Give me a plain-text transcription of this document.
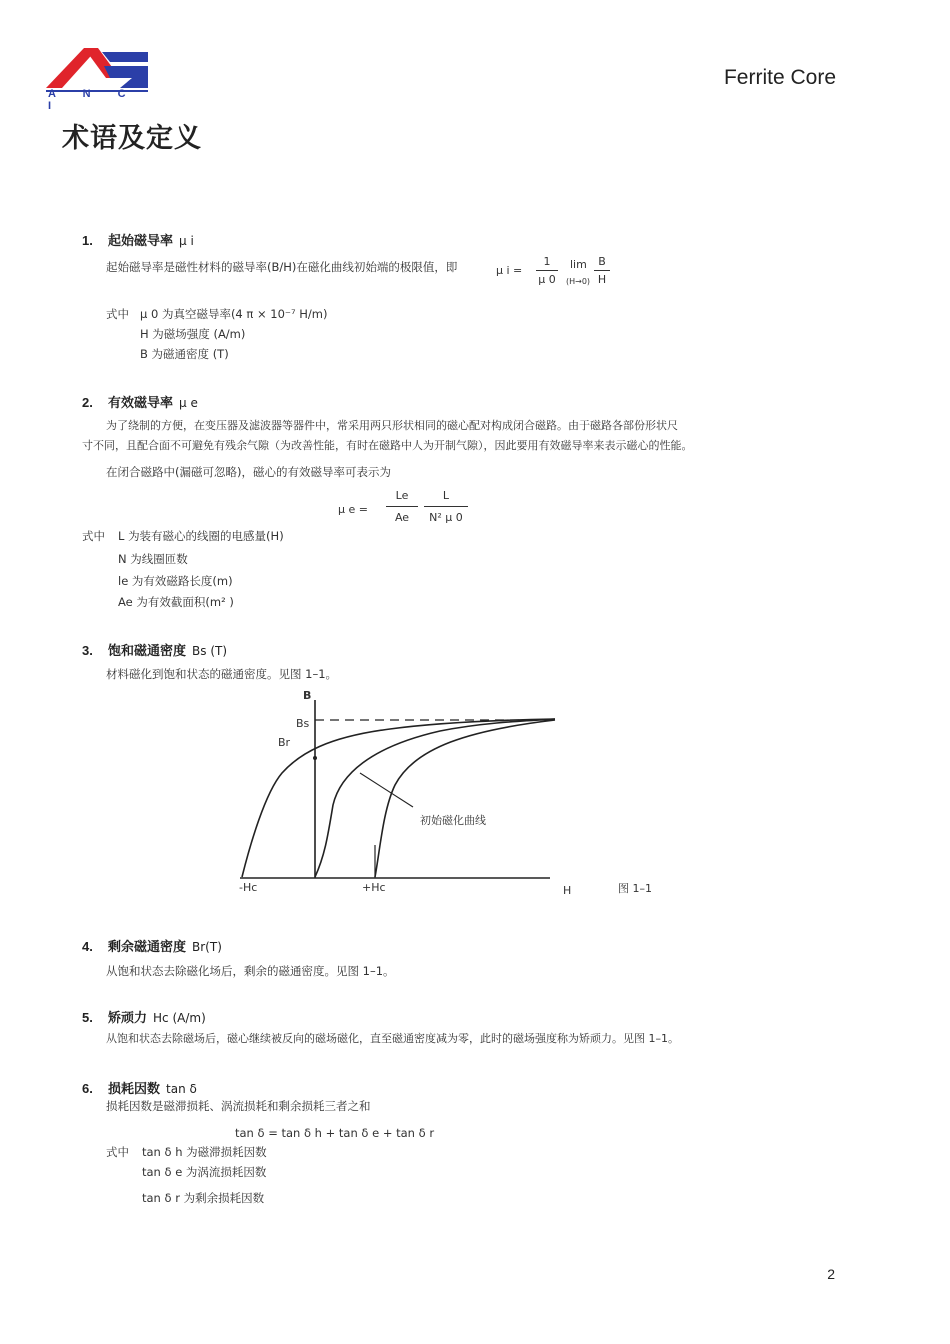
A N C I
Ferrite Core
术语及定义
1. 起始磁导率 μ i
起始磁导率是磁性材料的磁导率(B/H)在磁化曲线初始端的极限值，即	μ i =
1
μ 0
lim
(H→0)
B
H
式中 μ 0 为真空磁导率(4 π × 10⁻⁷ H/m)
H 为磁场强度 (A/m)
B 为磁通密度 (T)
2. 有效磁导率 μ e
为了绕制的方便，在变压器及滤波器等器件中，常采用两只形状相同的磁心配对构成闭合磁路。由于磁路各部份形状尺
寸不同，且配合面不可避免有残余气隙（为改善性能，有时在磁路中人为开制气隙），因此要用有效磁导率来表示磁心的性能。
在闭合磁路中(漏磁可忽略)，磁心的有效磁导率可表示为
μ e =
Le
Ae
L
N² μ 0
式中 L 为装有磁心的线圈的电感量(H)
N 为线圈匝数
le 为有效磁路长度(m)
Ae 为有效截面积(m² )
3. 饱和磁通密度 Bs (T)
材料磁化到饱和状态的磁通密度。见图 1–1。
B
Bs
Br
-Hc	+Hc	H
初始磁化曲线
图 1–1
4. 剩余磁通密度 Br(T)
从饱和状态去除磁化场后，剩余的磁通密度。见图 1–1。
5. 矫顽力 Hc (A/m)
从饱和状态去除磁场后，磁心继续被反向的磁场磁化，直至磁通密度减为零，此时的磁场强度称为矫顽力。见图 1–1。
6. 损耗因数 tan δ
损耗因数是磁滞损耗、涡流损耗和剩余损耗三者之和
tan δ = tan δ h + tan δ e + tan δ r
式中 tan δ h 为磁滞损耗因数
tan δ e 为涡流损耗因数
tan δ r 为剩余损耗因数
2
